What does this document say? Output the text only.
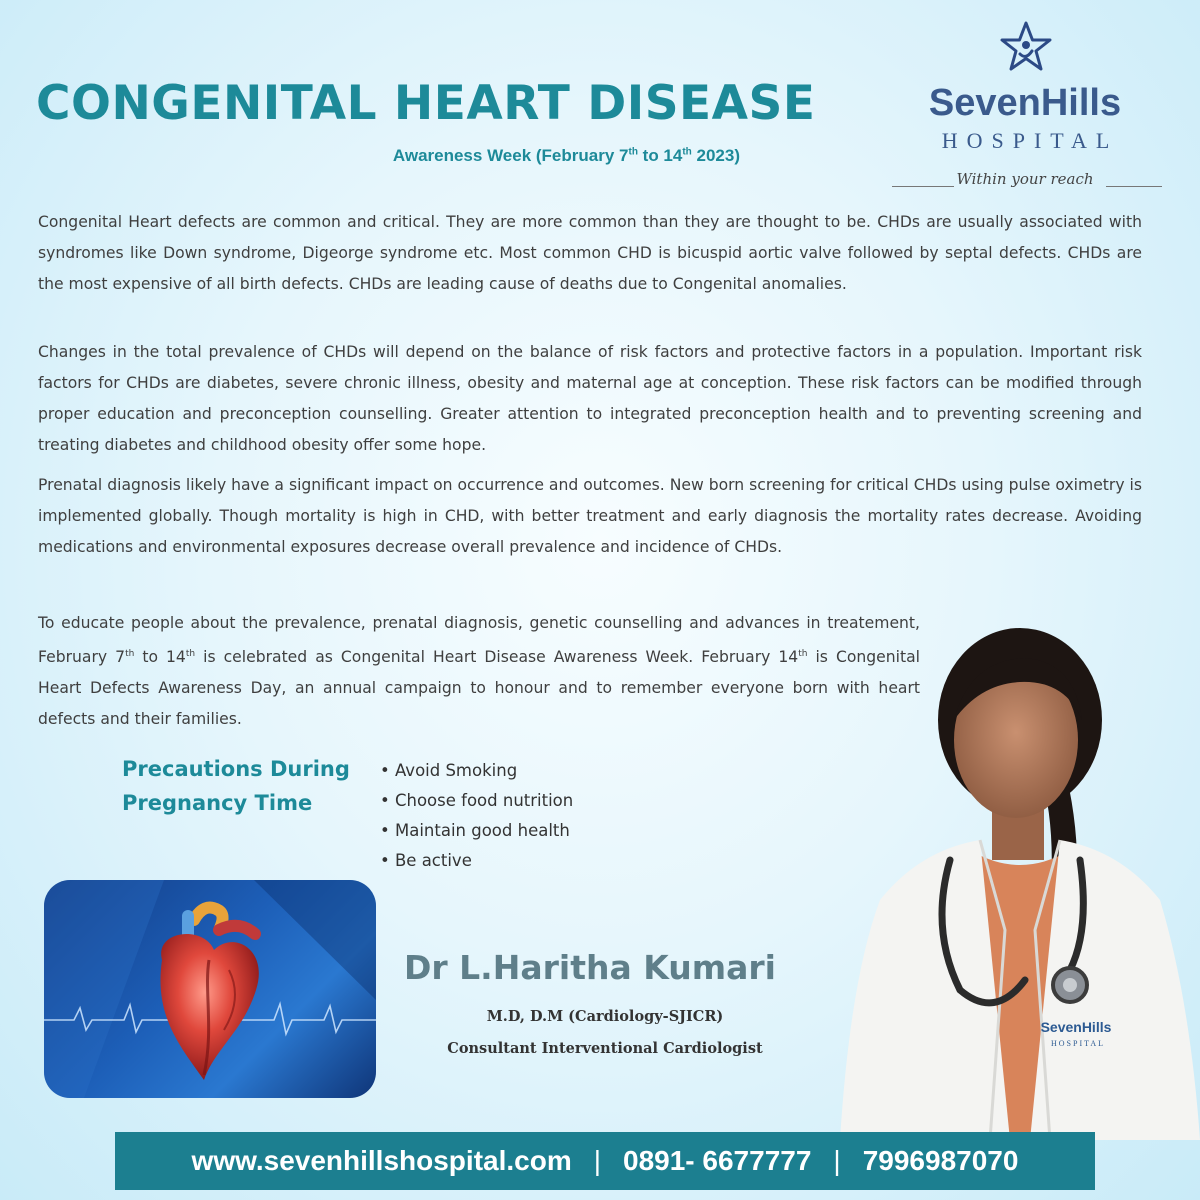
CONGENITAL HEART DISEASE
Awareness Week (February 7th to 14th 2023)
SevenHills
HOSPITAL
Within your reach

Congenital Heart defects are common and critical. They are more common than they are thought to be. CHDs are usually associated with syndromes like Down syndrome, Digeorge syndrome etc. Most common CHD is bicuspid aortic valve followed by septal defects. CHDs are the most expensive of all birth defects. CHDs are leading cause of deaths due to Congenital anomalies.

Changes in the total prevalence of CHDs will depend on the balance of risk factors and protective factors in a population. Important risk factors for CHDs are diabetes, severe chronic illness, obesity and maternal age at conception. These risk factors can be modified through proper education and preconception counselling. Greater attention to integrated preconception health and to preventing screening and treating diabetes and childhood obesity offer some hope.

Prenatal diagnosis likely have a significant impact on occurrence and outcomes. New born screening for critical CHDs using pulse oximetry is implemented globally. Though mortality is high in CHD, with better treatment and early diagnosis the mortality rates decrease. Avoiding medications and environmental exposures decrease overall prevalence and incidence of CHDs.

To educate people about the prevalence, prenatal diagnosis, genetic counselling and advances in treatement, February 7th to 14th is celebrated as Congenital Heart Disease Awareness Week. February 14th is Congenital Heart Defects Awareness Day, an annual campaign to honour and to remember everyone born with heart defects and their families.

Precautions During
Pregnancy Time
• Avoid Smoking
• Choose food nutrition
• Maintain good health
• Be active
Dr L.Haritha Kumari
M.D, D.M (Cardiology-SJICR)
Consultant Interventional Cardiologist
SevenHills
HOSPITAL
www.sevenhillshospital.com | 0891- 6677777 | 7996987070
